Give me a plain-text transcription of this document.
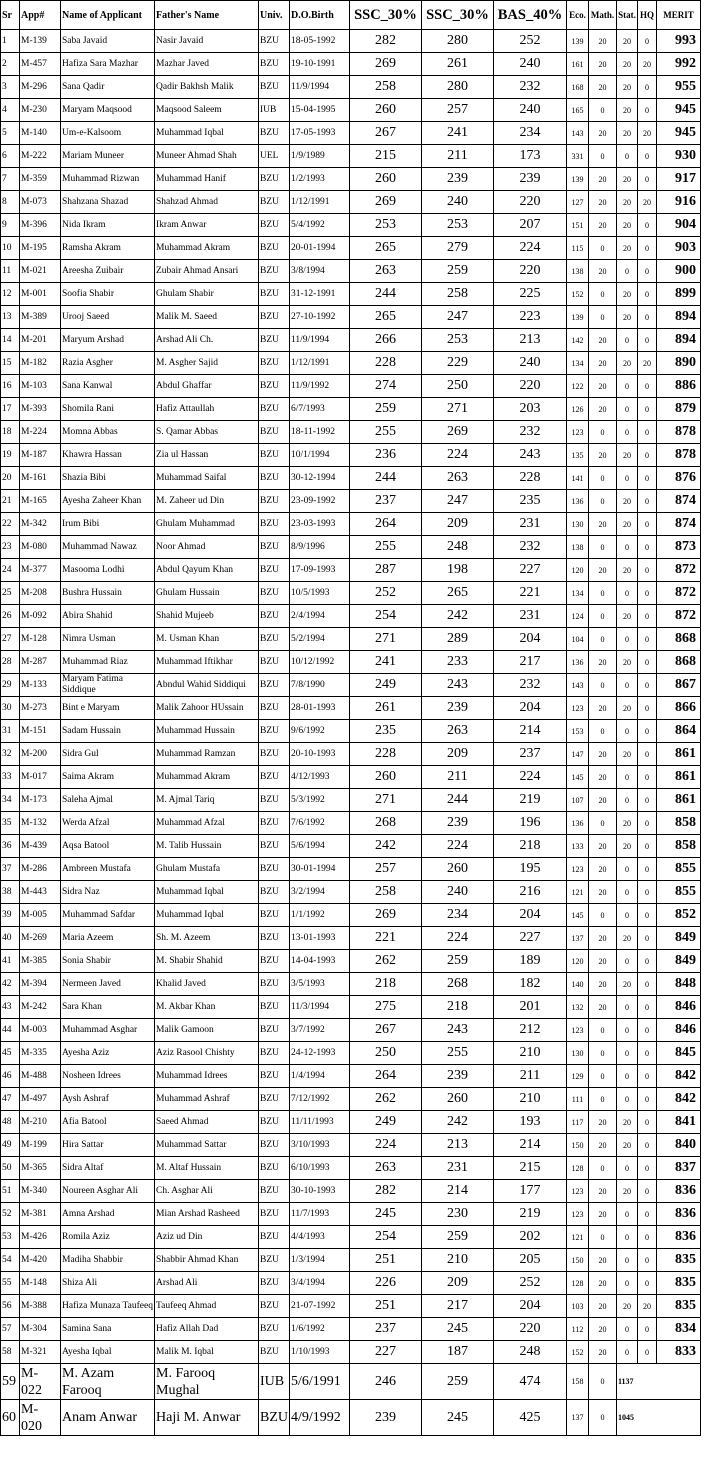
Sr	App#	Name of Applicant	Father's Name	Univ.	D.O.Birth	SSC_30%	SSC_30%	BAS_40%	Eco.	Math.	Stat.	HQ	MERIT
1	M-139	Saba Javaid	Nasir Javaid	BZU	18-05-1992	282	280	252	139	20	20	0	993
2	M-457	Hafiza Sara Mazhar	Mazhar Javed	BZU	19-10-1991	269	261	240	161	20	20	20	992
3	M-296	Sana Qadir	Qadir Bakhsh Malik	BZU	11/9/1994	258	280	232	168	20	20	0	955
4	M-230	Maryam Maqsood	Maqsood Saleem	IUB	15-04-1995	260	257	240	165	0	20	0	945
5	M-140	Um-e-Kalsoom	Muhammad Iqbal	BZU	17-05-1993	267	241	234	143	20	20	20	945
6	M-222	Mariam Muneer	Muneer Ahmad Shah	UEL	1/9/1989	215	211	173	331	0	0	0	930
7	M-359	Muhammad Rizwan	Muhammad Hanif	BZU	1/2/1993	260	239	239	139	20	20	0	917
8	M-073	Shahzana Shazad	Shahzad Ahmad	BZU	1/12/1991	269	240	220	127	20	20	20	916
9	M-396	Nida Ikram	Ikram Anwar	BZU	5/4/1992	253	253	207	151	20	20	0	904
10	M-195	Ramsha Akram	Muhammad Akram	BZU	20-01-1994	265	279	224	115	0	20	0	903
11	M-021	Areesha Zuibair	Zubair Ahmad Ansari	BZU	3/8/1994	263	259	220	138	20	0	0	900
12	M-001	Soofia Shabir	Ghulam Shabir	BZU	31-12-1991	244	258	225	152	0	20	0	899
13	M-389	Urooj Saeed	Malik M. Saeed	BZU	27-10-1992	265	247	223	139	0	20	0	894
14	M-201	Maryum Arshad	Arshad Ali Ch.	BZU	11/9/1994	266	253	213	142	20	0	0	894
15	M-182	Razia Asgher	M. Asgher Sajid	BZU	1/12/1991	228	229	240	134	20	20	20	890
16	M-103	Sana Kanwal	Abdul Ghaffar	BZU	11/9/1992	274	250	220	122	20	0	0	886
17	M-393	Shomila Rani	Hafiz Attaullah	BZU	6/7/1993	259	271	203	126	20	0	0	879
18	M-224	Momna Abbas	S. Qamar Abbas	BZU	18-11-1992	255	269	232	123	0	0	0	878
19	M-187	Khawra Hassan	Zia ul Hassan	BZU	10/1/1994	236	224	243	135	20	20	0	878
20	M-161	Shazia Bibi	Muhammad Saifal	BZU	30-12-1994	244	263	228	141	0	0	0	876
21	M-165	Ayesha Zaheer Khan	M. Zaheer ud Din	BZU	23-09-1992	237	247	235	136	0	20	0	874
22	M-342	Irum Bibi	Ghulam Muhammad	BZU	23-03-1993	264	209	231	130	20	20	0	874
23	M-080	Muhammad Nawaz	Noor Ahmad	BZU	8/9/1996	255	248	232	138	0	0	0	873
24	M-377	Masooma Lodhi	Abdul Qayum Khan	BZU	17-09-1993	287	198	227	120	20	20	0	872
25	M-208	Bushra Hussain	Ghulam Hussain	BZU	10/5/1993	252	265	221	134	0	0	0	872
26	M-092	Abira Shahid	Shahid Mujeeb	BZU	2/4/1994	254	242	231	124	0	20	0	872
27	M-128	Nimra Usman	M. Usman Khan	BZU	5/2/1994	271	289	204	104	0	0	0	868
28	M-287	Muhammad Riaz	Muhammad Iftikhar	BZU	10/12/1992	241	233	217	136	20	20	0	868
29	M-133	Maryam Fatima Siddique	Abndul Wahid Siddiqui	BZU	7/8/1990	249	243	232	143	0	0	0	867
30	M-273	Bint e Maryam	Malik Zahoor HUssain	BZU	28-01-1993	261	239	204	123	20	20	0	866
31	M-151	Sadam Hussain	Muhammad Hussain	BZU	9/6/1992	235	263	214	153	0	0	0	864
32	M-200	Sidra Gul	Muhammad Ramzan	BZU	20-10-1993	228	209	237	147	20	20	0	861
33	M-017	Saima Akram	Muhammad Akram	BZU	4/12/1993	260	211	224	145	20	0	0	861
34	M-173	Saleha Ajmal	M. Ajmal Tariq	BZU	5/3/1992	271	244	219	107	20	0	0	861
35	M-132	Werda Afzal	Muhammad Afzal	BZU	7/6/1992	268	239	196	136	0	20	0	858
36	M-439	Aqsa Batool	M. Talib Hussain	BZU	5/6/1994	242	224	218	133	20	20	0	858
37	M-286	Ambreen Mustafa	Ghulam Mustafa	BZU	30-01-1994	257	260	195	123	20	0	0	855
38	M-443	Sidra Naz	Muhammad Iqbal	BZU	3/2/1994	258	240	216	121	20	0	0	855
39	M-005	Muhammad Safdar	Muhammad Iqbal	BZU	1/1/1992	269	234	204	145	0	0	0	852
40	M-269	Maria Azeem	Sh. M. Azeem	BZU	13-01-1993	221	224	227	137	20	20	0	849
41	M-385	Sonia Shabir	M. Shabir Shahid	BZU	14-04-1993	262	259	189	120	20	0	0	849
42	M-394	Nermeen Javed	Khalid Javed	BZU	3/5/1993	218	268	182	140	20	20	0	848
43	M-242	Sara Khan	M. Akbar Khan	BZU	11/3/1994	275	218	201	132	20	0	0	846
44	M-003	Muhammad Asghar	Malik Gamoon	BZU	3/7/1992	267	243	212	123	0	0	0	846
45	M-335	Ayesha Aziz	Aziz Rasool Chishty	BZU	24-12-1993	250	255	210	130	0	0	0	845
46	M-488	Nosheen Idrees	Muhammad Idrees	BZU	1/4/1994	264	239	211	129	0	0	0	842
47	M-497	Aysh Ashraf	Muhammad Ashraf	BZU	7/12/1992	262	260	210	111	0	0	0	842
48	M-210	Afia Batool	Saeed Ahmad	BZU	11/11/1993	249	242	193	117	20	20	0	841
49	M-199	Hira Sattar	Muhammad Sattar	BZU	3/10/1993	224	213	214	150	20	20	0	840
50	M-365	Sidra Altaf	M. Altaf Hussain	BZU	6/10/1993	263	231	215	128	0	0	0	837
51	M-340	Noureen Asghar Ali	Ch. Asghar Ali	BZU	30-10-1993	282	214	177	123	20	20	0	836
52	M-381	Amna Arshad	Mian Arshad Rasheed	BZU	11/7/1993	245	230	219	123	20	0	0	836
53	M-426	Romila Aziz	Aziz ud Din	BZU	4/4/1993	254	259	202	121	0	0	0	836
54	M-420	Madiha Shabbir	Shabbir Ahmad Khan	BZU	1/3/1994	251	210	205	150	20	0	0	835
55	M-148	Shiza Ali	Arshad Ali	BZU	3/4/1994	226	209	252	128	20	0	0	835
56	M-388	Hafiza Munaza Taufeeq	Taufeeq Ahmad	BZU	21-07-1992	251	217	204	103	20	20	20	835
57	M-304	Samina Sana	Hafiz Allah Dad	BZU	1/6/1992	237	245	220	112	20	0	0	834
58	M-321	Ayesha Iqbal	Malik M. Iqbal	BZU	1/10/1993	227	187	248	152	20	0	0	833
59	M-022	M. Azam Farooq	M. Farooq Mughal	IUB	5/6/1991	246	259	474	158	0	1137		
60	M-020	Anam Anwar	Haji M. Anwar	BZU	4/9/1992	239	245	425	137	0	1045		
